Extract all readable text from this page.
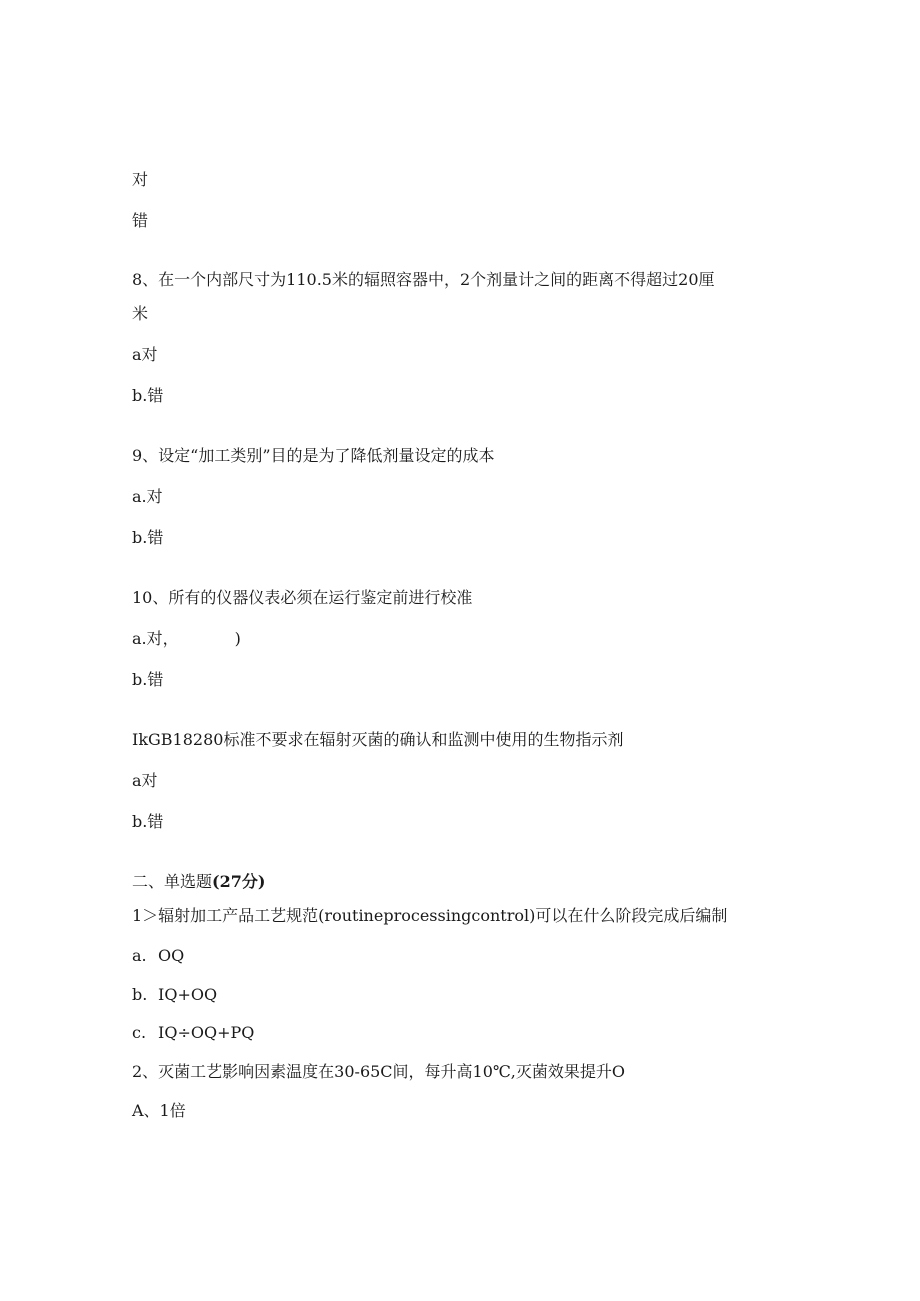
对
错
8、在一个内部尺寸为110.5米的辐照容器中，2个剂量计之间的距离不得超过20厘
米
a对
b.错
9、设定“加工类别”目的是为了降低剂量设定的成本
a.对
b.错
10、所有的仪器仪表必须在运行鉴定前进行校准
a.对，	)
b.错
IkGB18280标准不要求在辐射灭菌的确认和监测中使用的生物指示剂
a对
b.错
二、单选题(27分)
1＞辐射加工产品工艺规范(routineprocessingcontrol)可以在什么阶段完成后编制
a. OQ
b. IQ+OQ
c. IQ÷OQ+PQ
2、灭菌工艺影响因素温度在30-65C间，每升高10℃,灭菌效果提升O
A、1倍
